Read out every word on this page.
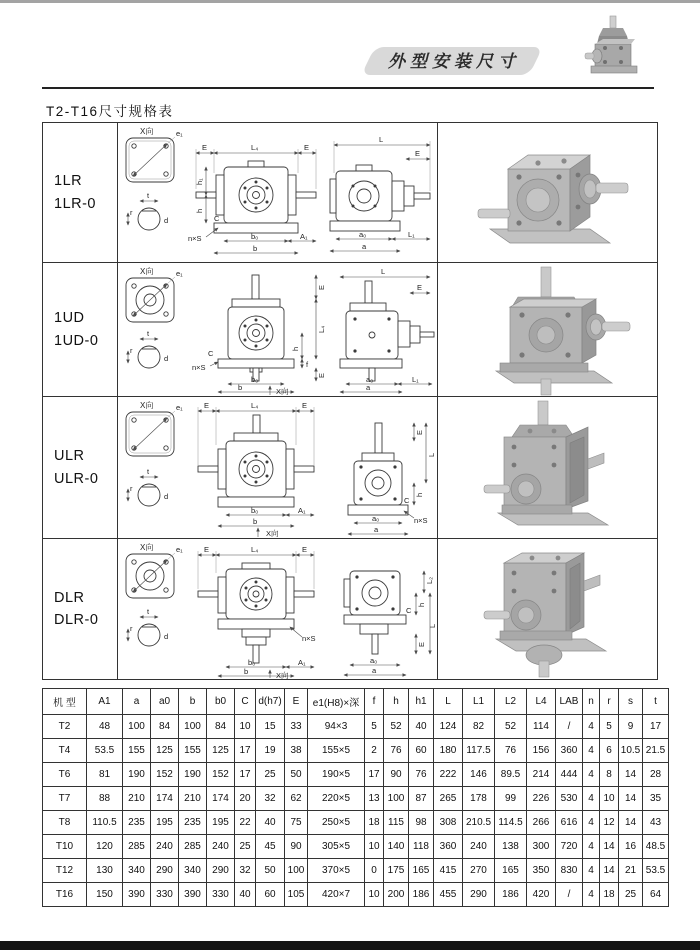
外型安装尺寸
T2-T16尺寸规格表
1LR
1LR-0
X向	e₁
t
r
d
E	L₄	E
h₁
h
C
n×S	b₀	A₁
b
L
E
a₀	L₁
a
1UD
1UD-0
X向	e₁
t
r
d
E
L₄
h
C
n×S	f
E
b₀
b	X向
L
E
a₀	L₁
a
ULR
ULR-0
X向	e₁
t
r
d
E	L₄	E
b₀	A₁
b
X向
E
L
h
C
n×S
a₀
a
DLR
DLR-0
X向	e₁
t
r
d
E	L₄	E
n×S
b₀	A₁
b	X向
L₂
h
C
L
E
a₀
a
机 型	A1	a	a0	b	b0	C	d(h7)	E	e1(H8)×深	f	h	h1	L	L1	L2	L4	LAB	n	r	s	t
T2	48	100	84	100	84	10	15	33	94×3	5	52	40	124	82	52	114	/	4	5	9	17
T4	53.5	155	125	155	125	17	19	38	155×5	2	76	60	180	117.5	76	156	360	4	6	10.5	21.5
T6	81	190	152	190	152	17	25	50	190×5	17	90	76	222	146	89.5	214	444	4	8	14	28
T7	88	210	174	210	174	20	32	62	220×5	13	100	87	265	178	99	226	530	4	10	14	35
T8	110.5	235	195	235	195	22	40	75	250×5	18	115	98	308	210.5	114.5	266	616	4	12	14	43
T10	120	285	240	285	240	25	45	90	305×5	10	140	118	360	240	138	300	720	4	14	16	48.5
T12	130	340	290	340	290	32	50	100	370×5	0	175	165	415	270	165	350	830	4	14	21	53.5
T16	150	390	330	390	330	40	60	105	420×7	10	200	186	455	290	186	420	/	4	18	25	64
